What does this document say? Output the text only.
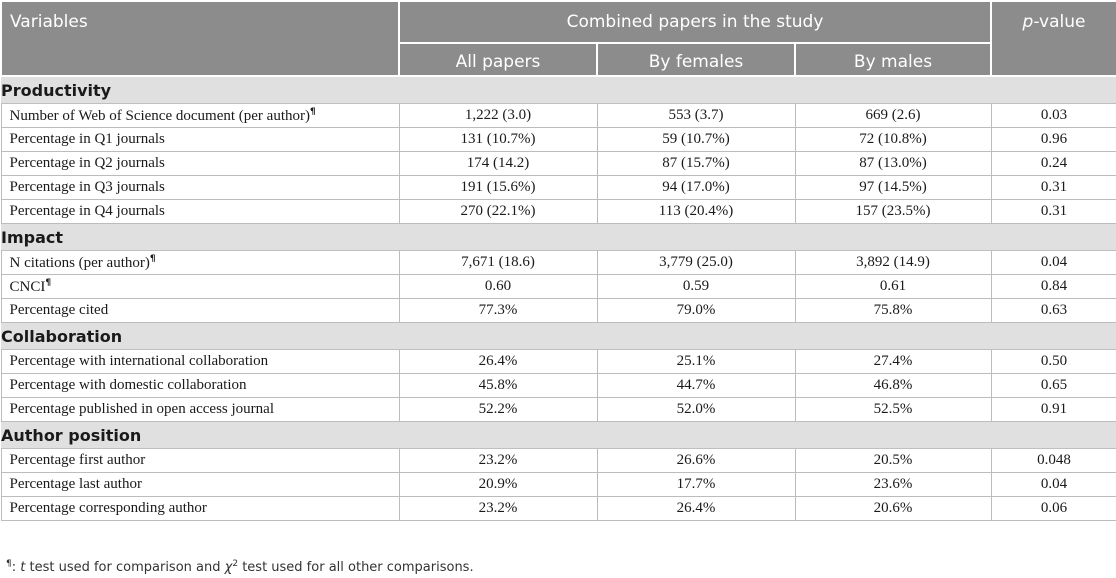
Variables	Combined papers in the study			p-value
	All papers	By females	By males	
Productivity				
Number of Web of Science document (per author)¶	1,222 (3.0)	553 (3.7)	669 (2.6)	0.03
Percentage in Q1 journals	131 (10.7%)	59 (10.7%)	72 (10.8%)	0.96
Percentage in Q2 journals	174 (14.2)	87 (15.7%)	87 (13.0%)	0.24
Percentage in Q3 journals	191 (15.6%)	94 (17.0%)	97 (14.5%)	0.31
Percentage in Q4 journals	270 (22.1%)	113 (20.4%)	157 (23.5%)	0.31
Impact				
N citations (per author)¶	7,671 (18.6)	3,779 (25.0)	3,892 (14.9)	0.04
CNCI¶	0.60	0.59	0.61	0.84
Percentage cited	77.3%	79.0%	75.8%	0.63
Collaboration				
Percentage with international collaboration	26.4%	25.1%	27.4%	0.50
Percentage with domestic collaboration	45.8%	44.7%	46.8%	0.65
Percentage published in open access journal	52.2%	52.0%	52.5%	0.91
Author position				
Percentage first author	23.2%	26.6%	20.5%	0.048
Percentage last author	20.9%	17.7%	23.6%	0.04
Percentage corresponding author	23.2%	26.4%	20.6%	0.06
¶: t test used for comparison and $\chi^2$ test used for all other comparisons.
